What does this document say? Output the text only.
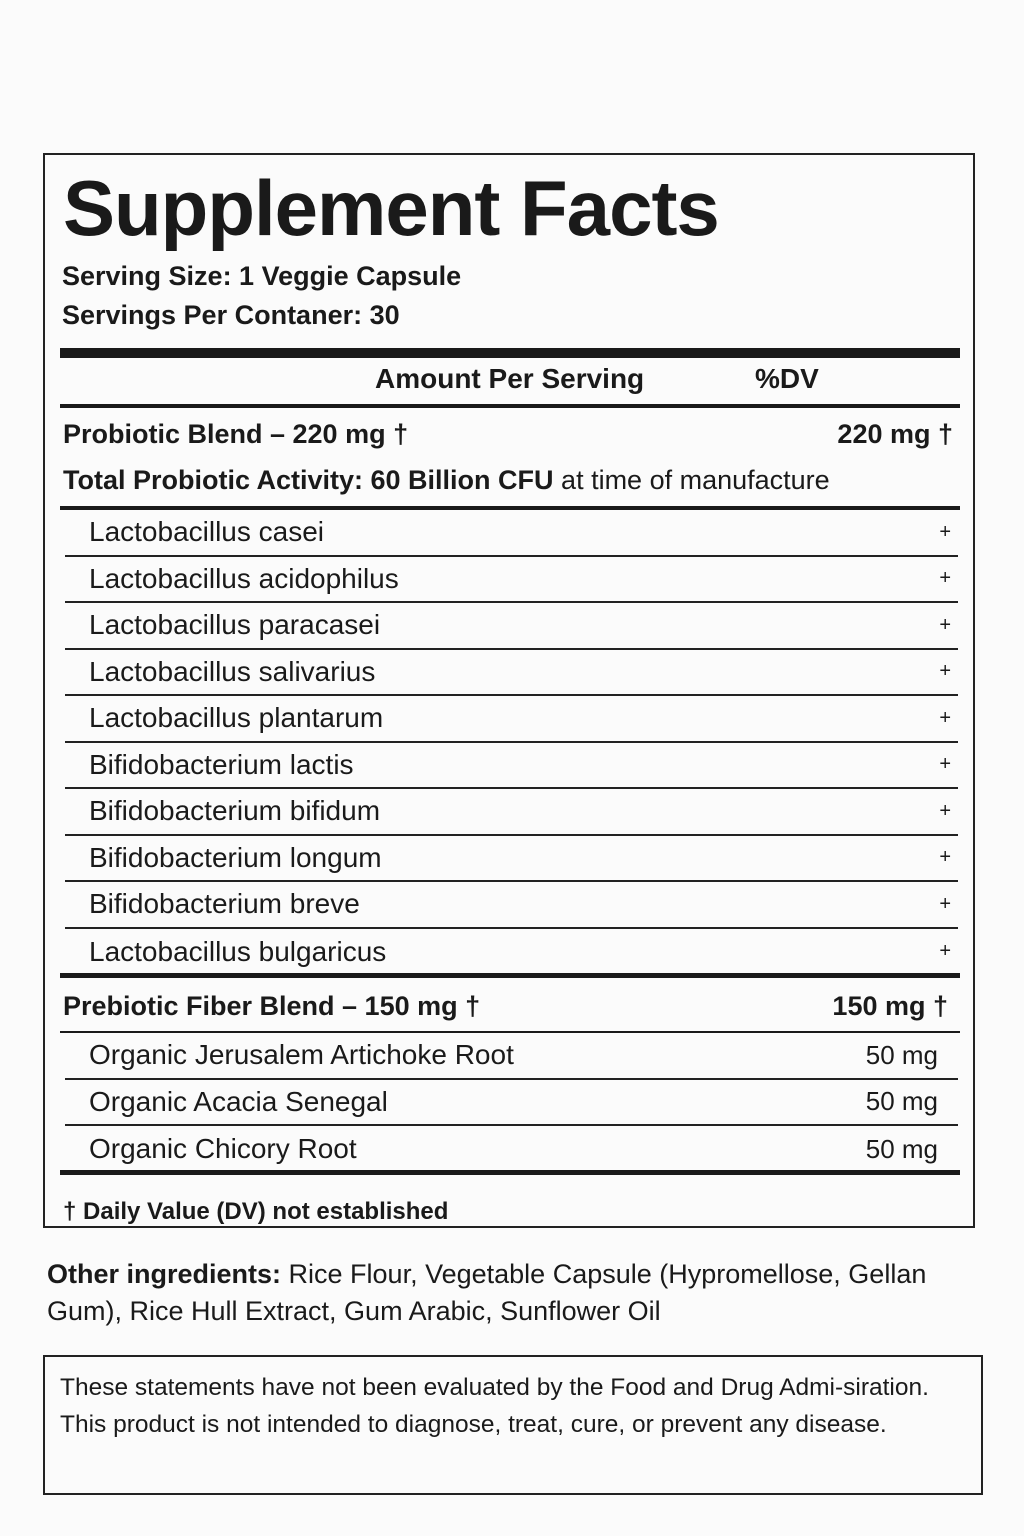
Supplement Facts
Serving Size: 1 Veggie Capsule
Servings Per Contaner: 30
Amount Per Serving	%DV
Probiotic Blend – 220 mg †	220 mg †
Total Probiotic Activity: 60 Billion CFU at time of manufacture
Lactobacillus casei	+
Lactobacillus acidophilus	+
Lactobacillus paracasei	+
Lactobacillus salivarius	+
Lactobacillus plantarum	+
Bifidobacterium lactis	+
Bifidobacterium bifidum	+
Bifidobacterium longum	+
Bifidobacterium breve	+
Lactobacillus bulgaricus	+
Prebiotic Fiber Blend – 150 mg †	150 mg †
Organic Jerusalem Artichoke Root	50 mg
Organic Acacia Senegal	50 mg
Organic Chicory Root	50 mg
† Daily Value (DV) not established
Other ingredients: Rice Flour, Vegetable Capsule (Hypromellose, Gellan Gum), Rice Hull Extract, Gum Arabic, Sunflower Oil
These statements have not been evaluated by the Food and Drug Admi-siration. This product is not intended to diagnose, treat, cure, or prevent any disease.
